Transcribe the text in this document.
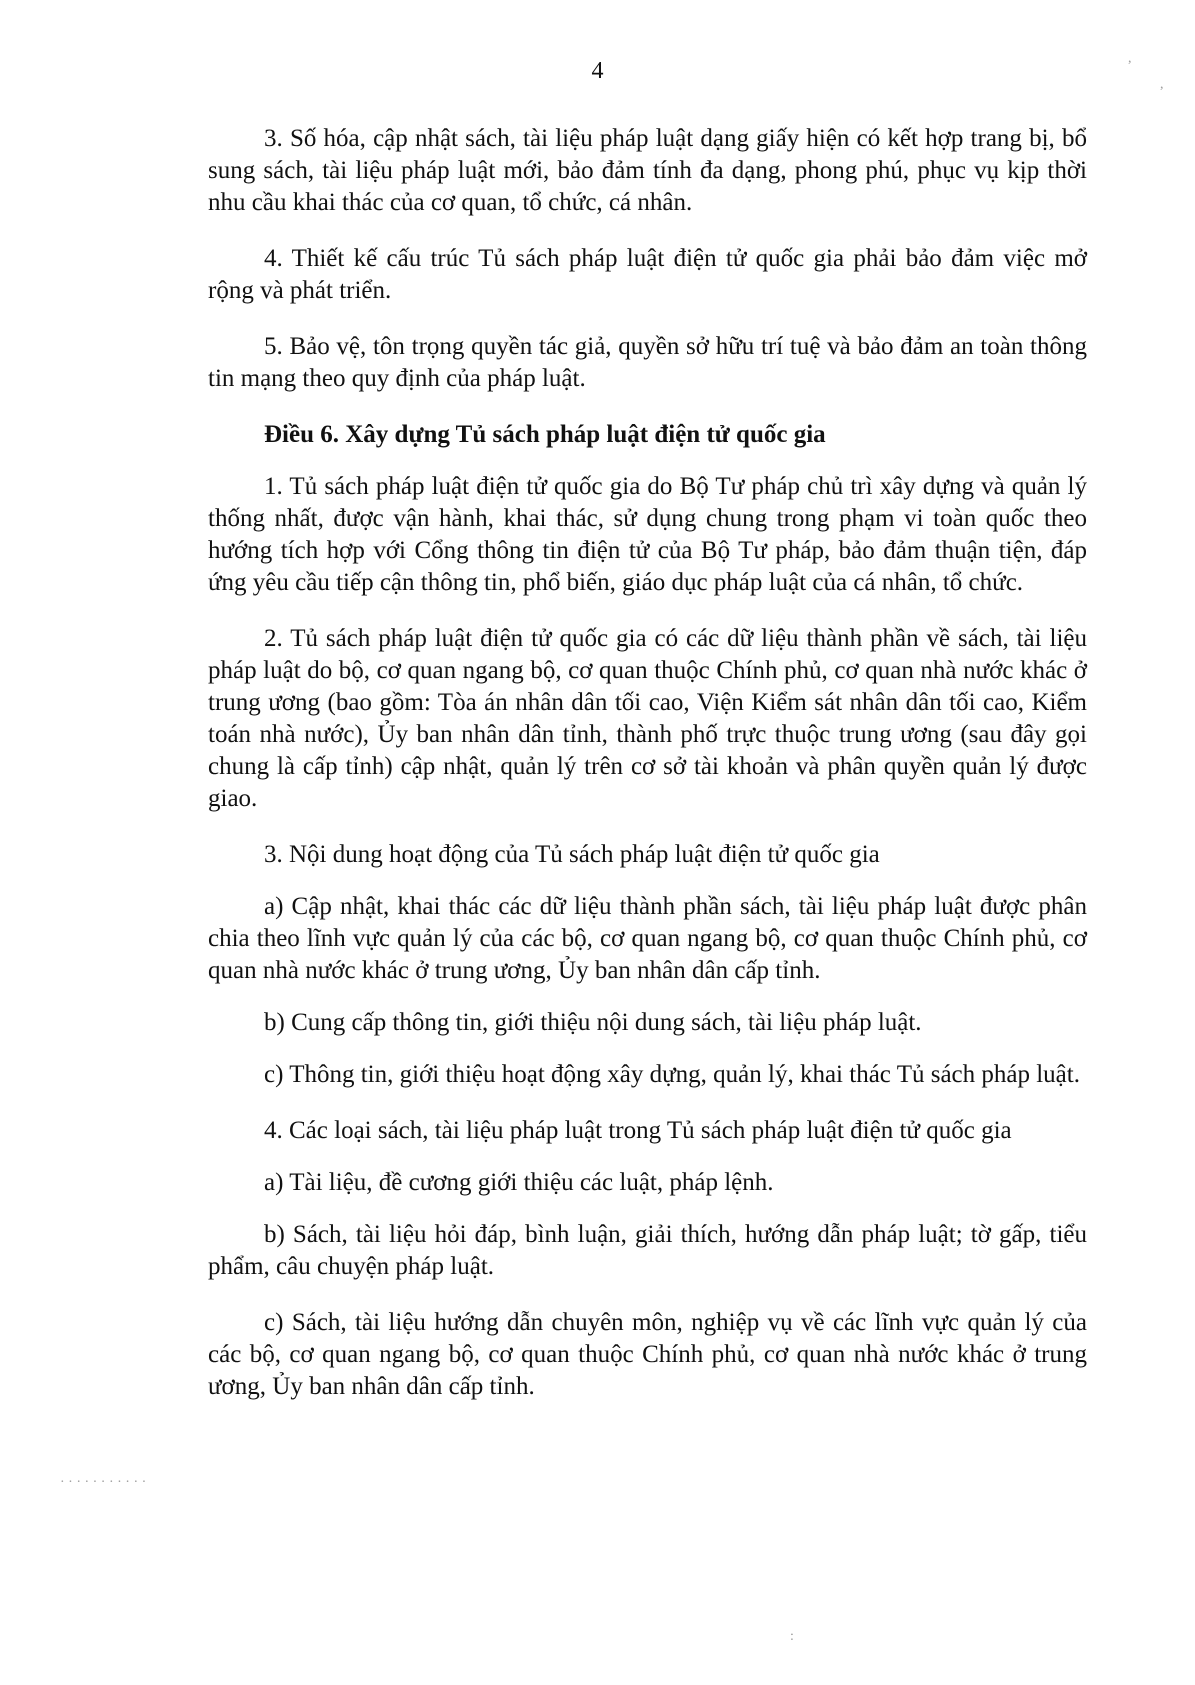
4

3. Số hóa, cập nhật sách, tài liệu pháp luật dạng giấy hiện có kết hợp trang bị, bổ sung sách, tài liệu pháp luật mới, bảo đảm tính đa dạng, phong phú, phục vụ kịp thời nhu cầu khai thác của cơ quan, tổ chức, cá nhân.

4. Thiết kế cấu trúc Tủ sách pháp luật điện tử quốc gia phải bảo đảm việc mở rộng và phát triển.

5. Bảo vệ, tôn trọng quyền tác giả, quyền sở hữu trí tuệ và bảo đảm an toàn thông tin mạng theo quy định của pháp luật.

Điều 6. Xây dựng Tủ sách pháp luật điện tử quốc gia

1. Tủ sách pháp luật điện tử quốc gia do Bộ Tư pháp chủ trì xây dựng và quản lý thống nhất, được vận hành, khai thác, sử dụng chung trong phạm vi toàn quốc theo hướng tích hợp với Cổng thông tin điện tử của Bộ Tư pháp, bảo đảm thuận tiện, đáp ứng yêu cầu tiếp cận thông tin, phổ biến, giáo dục pháp luật của cá nhân, tổ chức.

2. Tủ sách pháp luật điện tử quốc gia có các dữ liệu thành phần về sách, tài liệu pháp luật do bộ, cơ quan ngang bộ, cơ quan thuộc Chính phủ, cơ quan nhà nước khác ở trung ương (bao gồm: Tòa án nhân dân tối cao, Viện Kiểm sát nhân dân tối cao, Kiểm toán nhà nước), Ủy ban nhân dân tỉnh, thành phố trực thuộc trung ương (sau đây gọi chung là cấp tỉnh) cập nhật, quản lý trên cơ sở tài khoản và phân quyền quản lý được giao.

3. Nội dung hoạt động của Tủ sách pháp luật điện tử quốc gia

a) Cập nhật, khai thác các dữ liệu thành phần sách, tài liệu pháp luật được phân chia theo lĩnh vực quản lý của các bộ, cơ quan ngang bộ, cơ quan thuộc Chính phủ, cơ quan nhà nước khác ở trung ương, Ủy ban nhân dân cấp tỉnh.

b) Cung cấp thông tin, giới thiệu nội dung sách, tài liệu pháp luật.

c) Thông tin, giới thiệu hoạt động xây dựng, quản lý, khai thác Tủ sách pháp luật.

4. Các loại sách, tài liệu pháp luật trong Tủ sách pháp luật điện tử quốc gia

a) Tài liệu, đề cương giới thiệu các luật, pháp lệnh.

b) Sách, tài liệu hỏi đáp, bình luận, giải thích, hướng dẫn pháp luật; tờ gấp, tiểu phẩm, câu chuyện pháp luật.

c) Sách, tài liệu hướng dẫn chuyên môn, nghiệp vụ về các lĩnh vực quản lý của các bộ, cơ quan ngang bộ, cơ quan thuộc Chính phủ, cơ quan nhà nước khác ở trung ương, Ủy ban nhân dân cấp tỉnh.

,
,
· · · · · · · · · · ·
:
